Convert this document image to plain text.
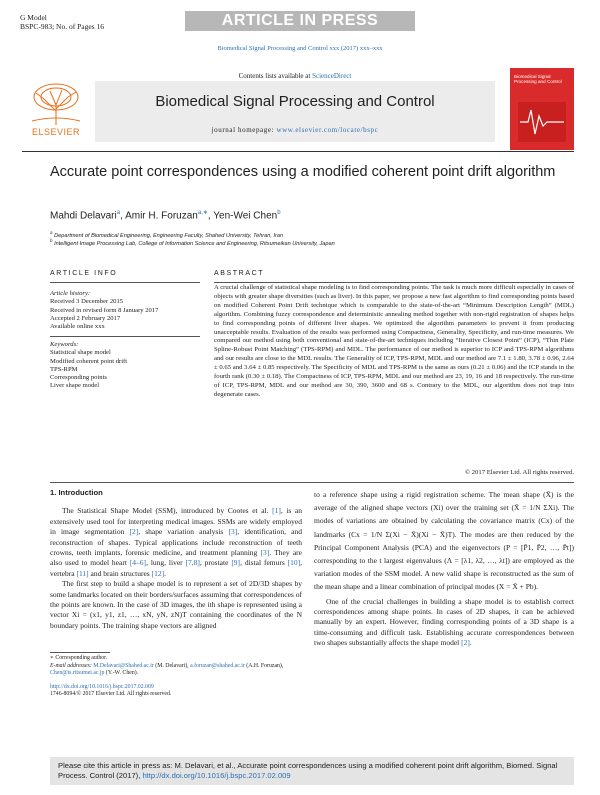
G Model
BSPC-983; No. of Pages 16	ARTICLE IN PRESS
Biomedical Signal Processing and Control xxx (2017) xxx–xxx
Contents lists available at ScienceDirect
Biomedical Signal Processing and Control
journal homepage: www.elsevier.com/locate/bspc
ELSEVIER
Biomedical Signal Processing and Control
Accurate point correspondences using a modified coherent point drift algorithm
Mahdi Delavari$^a$, Amir H. Foruzan$^{a,∗}$, Yen-Wei Chen$^b$
$^a$ Department of Biomedical Engineering, Engineering Faculty, Shahed University, Tehran, Iran
$^b$ Intelligent Image Processing Lab, College of Information Science and Engineering, Ritsumeikan University, Japan
ARTICLE INFO
Article history:
Received 3 December 2015
Received in revised form 8 January 2017
Accepted 2 February 2017
Available online xxx
Keywords:
Statistical shape model
Modified coherent point drift
TPS-RPM
Corresponding points
Liver shape model
ABSTRACT
A crucial challenge of statistical shape modeling is to find corresponding points. The task is much more difficult especially in cases of objects with greater shape diversities (such as liver). In this paper, we propose a new fast algorithm to find corresponding points based on modified Coherent Point Drift technique which is comparable to the state-of-the-art “Minimum Description Length” (MDL) algorithm. Combining fuzzy correspondence and deterministic annealing method together with non-rigid registration of shapes helps to find corresponding points of different liver shapes. We optimized the algorithm parameters to prevent it from producing unacceptable results. Evaluation of the results was performed using Compactness, Generality, Specificity, and run-time measures. We compared our method using both conventional and state-of-the-art techniques including “Iterative Closest Point” (ICP), “Thin Plate Spline-Robust Point Matching” (TPS-RPM) and MDL. The performance of our method is superior to ICP and TPS-RPM algorithms and our results are close to the MDL results. The Generality of ICP, TPS-RPM, MDL and our method are 7.1 ± 1.80, 3.78 ± 0.96, 2.64 ± 0.65 and 3.64 ± 0.85 respectively. The Specificity of MDL and TPS-RPM is the same as ours (0.21 ± 0.06) and the ICP stands in the fourth rank (0.30 ± 0.18). The Compactness of ICP, TPS-RPM, MDL and our method are 23, 19, 16 and 18 respectively. The run-time of ICP, TPS-RPM, MDL and our method are 30, 390, 3600 and 68 s. Contrary to the MDL, our algorithm does not trap into degenerate cases.
© 2017 Elsevier Ltd. All rights reserved.
1. Introduction

The Statistical Shape Model (SSM), introduced by Cootes et al. [1], is an extensively used tool for interpreting medical images. SSMs are widely employed in image segmentation [2], shape variation analysis [3], identification, and reconstruction of shapes. Typical applications include reconstruction of teeth crowns, teeth implants, forensic medicine, and treatment planning [3]. They are also used to model heart [4–6], lung, liver [7,8], prostate [9], distal femurs [10], vertebra [11] and brain structures [12].

The first step to build a shape model is to represent a set of 2D/3D shapes by some landmarks located on their borders/surfaces assuming that correspondences of the points are known. In the case of 3D images, the ith shape is represented using a vector Xi = (x1, y1, z1, …, xN, yN, zN)T containing the coordinates of the N boundary points. The training shape vectors are aligned

∗ Corresponding author.
E-mail addresses: M.Delavari@Shahed.ac.ir (M. Delavari), a.foruzan@shahed.ac.ir (A.H. Foruzan), Chen@is.ritsumei.ac.jp (Y.-W. Chen).
http://dx.doi.org/10.1016/j.bspc.2017.02.009
1746-8094/© 2017 Elsevier Ltd. All rights reserved.
to a reference shape using a rigid registration scheme. The mean shape (X̄) is the average of the aligned shape vectors (Xi) over the training set (X̄ = 1/N ΣXi). The modes of variations are obtained by calculating the covariance matrix (Cx) of the landmarks (Cx = 1/N Σ(Xi − X̄)(Xi − X̄)T). The modes are then reduced by the Principal Component Analysis (PCA) and the eigenvectors (P = [P̄1, P̄2, …, P̄t]) corresponding to the t largest eigenvalues (Λ = [λ1, λ2, …, λt]) are employed as the variation modes of the SSM model. A new valid shape is reconstructed as the sum of the mean shape and a linear combination of principal modes (X = X̄ + Pb).

One of the crucial challenges in building a shape model is to establish correct correspondences among shape points. In cases of 2D shapes, it can be achieved manually by an expert. However, finding corresponding points of a 3D shape is a time-consuming and difficult task. Establishing accurate correspondences between two shapes substantially affects the shape model [2].

Please cite this article in press as: M. Delavari, et al., Accurate point correspondences using a modified coherent point drift algorithm, Biomed. Signal Process. Control (2017), http://dx.doi.org/10.1016/j.bspc.2017.02.009
